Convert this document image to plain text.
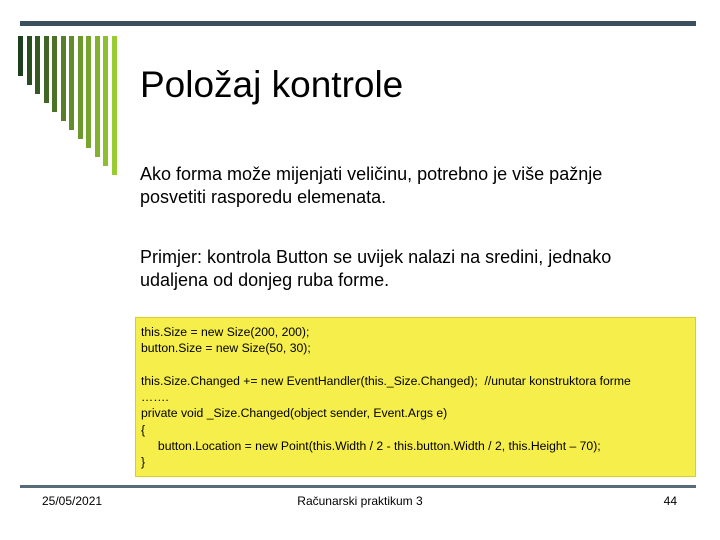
Položaj kontrole
Ako forma može mijenjati veličinu, potrebno je više pažnje
posvetiti rasporedu elemenata.
Primjer: kontrola Button se uvijek nalazi na sredini, jednako
udaljena od donjeg ruba forme.
this.Size = new Size(200, 200);
button.Size = new Size(50, 30);
this.Size.Changed += new EventHandler(this._Size.Changed);  //unutar konstruktora forme
…….
private void _Size.Changed(object sender, Event.Args e)
{
button.Location = new Point(this.Width / 2 - this.button.Width / 2, this.Height – 70);
}
25/05/2021	Računarski praktikum 3	44
